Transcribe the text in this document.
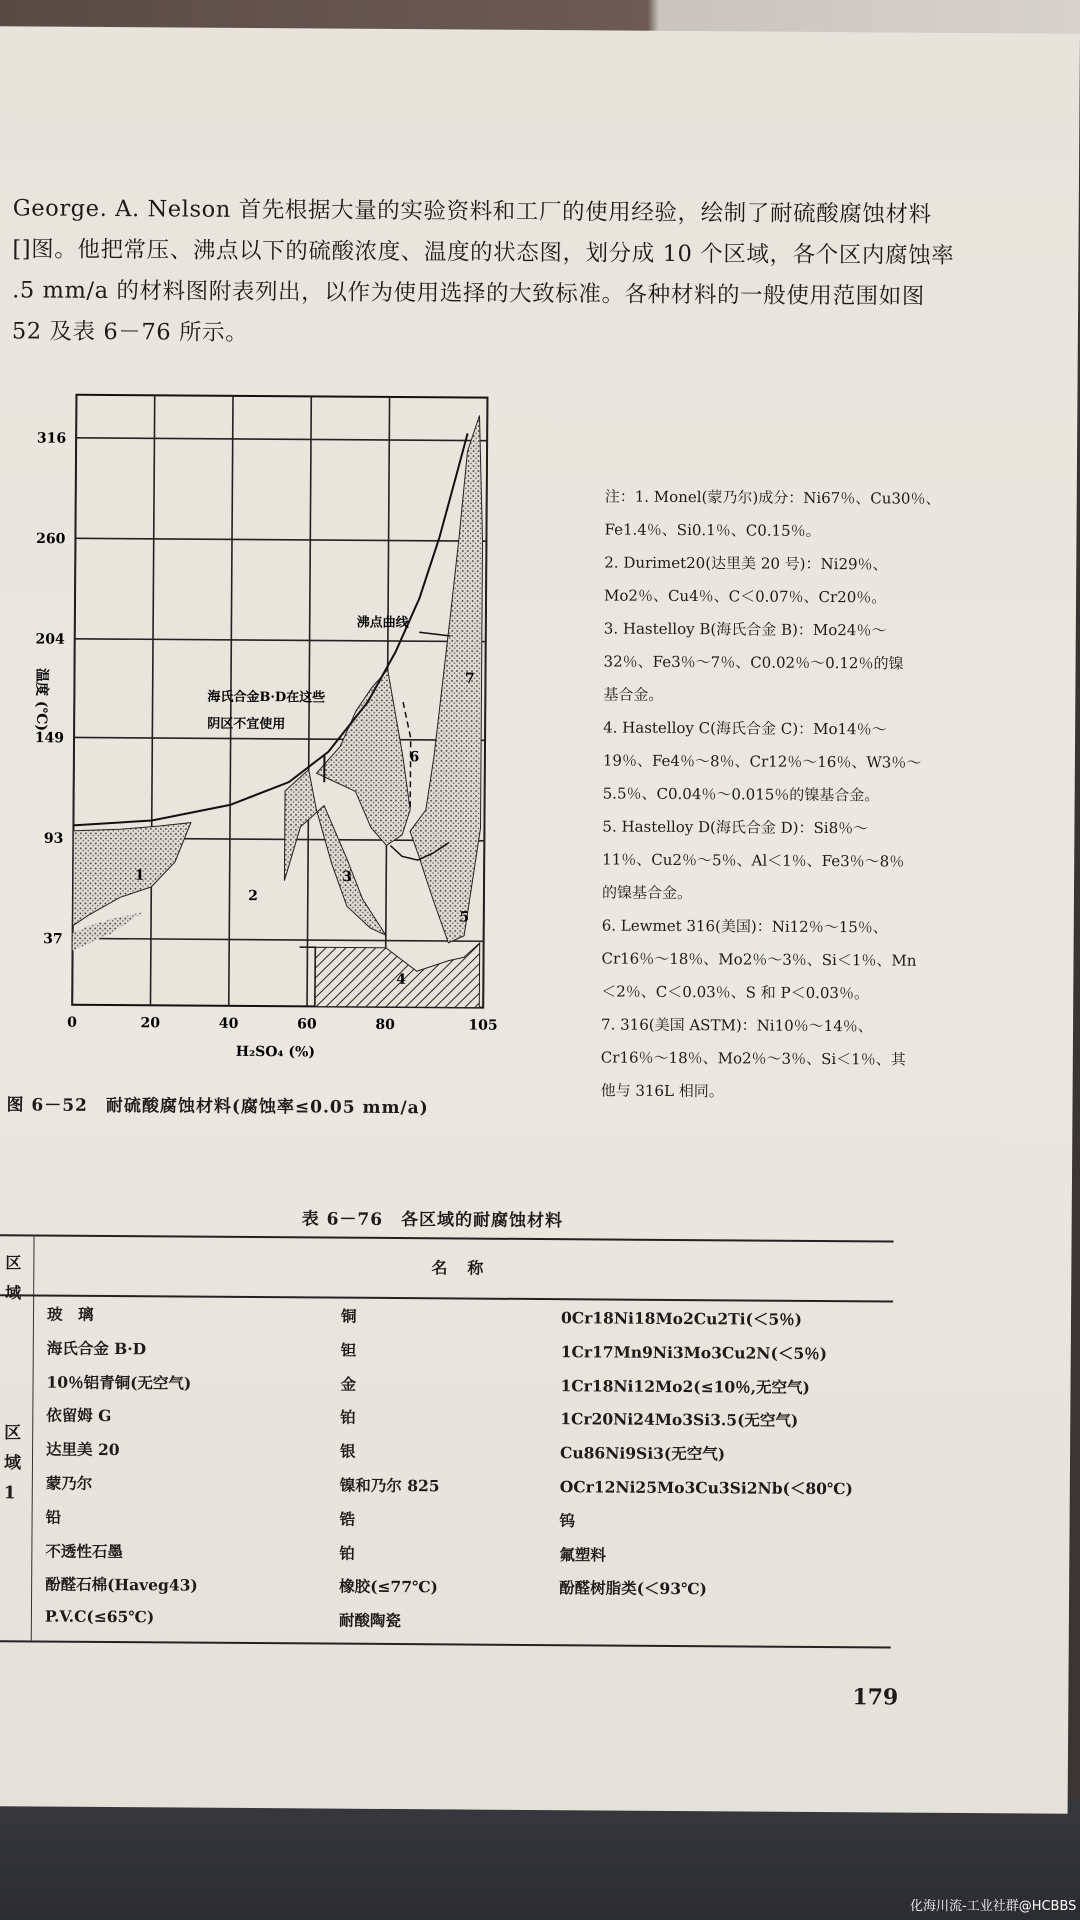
George. A. Nelson 首先根据大量的实验资料和工厂的使用经验，绘制了耐硫酸腐蚀材料

[]图。他把常压、沸点以下的硫酸浓度、温度的状态图，划分成 10 个区域，各个区内腐蚀率

.5 mm/a 的材料图附表列出，以作为使用选择的大致标准。各种材料的一般使用范围如图

52 及表 6－76 所示。

0	20	40	60	80	105
37
93
149
204
260
316
H₂SO₄ (%)
温度 (℃)
沸点曲线
海氏合金B·D在这些
阴区不宜使用
1
2
3
4
5
6
7

注：1. Monel(蒙乃尔)成分：Ni67％、Cu30％、

Fe1.4％、Si0.1％、C0.15％。

2. Durimet20(达里美 20 号)：Ni29％、

Mo2％、Cu4％、C＜0.07％、Cr20％。

3. Hastelloy B(海氏合金 B)：Mo24％～

32％、Fe3％～7％、C0.02％～0.12％的镍

基合金。

4. Hastelloy C(海氏合金 C)：Mo14％～

19％、Fe4％～8％、Cr12％～16％、W3％～

5.5％、C0.04％～0.015％的镍基合金。

5. Hastelloy D(海氏合金 D)：Si8％～

11％、Cu2％～5％、Al＜1％、Fe3％～8％

的镍基合金。

6. Lewmet 316(美国)：Ni12％～15％、

Cr16％～18％、Mo2％～3％、Si＜1％、Mn

＜2％、C＜0.03％、S 和 P＜0.03％。

7. 316(美国 ASTM)：Ni10％～14％、

Cr16％～18％、Mo2％～3％、Si＜1％、其

他与 316L 相同。

图 6－52　耐硫酸腐蚀材料(腐蚀率≤0.05 mm/a)
表 6－76　各区域的耐腐蚀材料
区域
名称
区域 1
玻　璃	铜	0Cr18Ni18Mo2Cu2Ti(＜5％)
海氏合金 B·D	钽	1Cr17Mn9Ni3Mo3Cu2N(＜5％)
10％铝青铜(无空气)	金	1Cr18Ni12Mo2(≤10％,无空气)
依留姆 G	铂	1Cr20Ni24Mo3Si3.5(无空气)
达里美 20	银	Cu86Ni9Si3(无空气)
蒙乃尔	镍和乃尔 825	OCr12Ni25Mo3Cu3Si2Nb(＜80℃)
铅	锆	钨
不透性石墨	铂	氟塑料
酚醛石棉(Haveg43)	橡胶(≤77℃)	酚醛树脂类(＜93℃)
P.V.C(≤65℃)	耐酸陶瓷
179
化海川流-工业社群@HCBBS
